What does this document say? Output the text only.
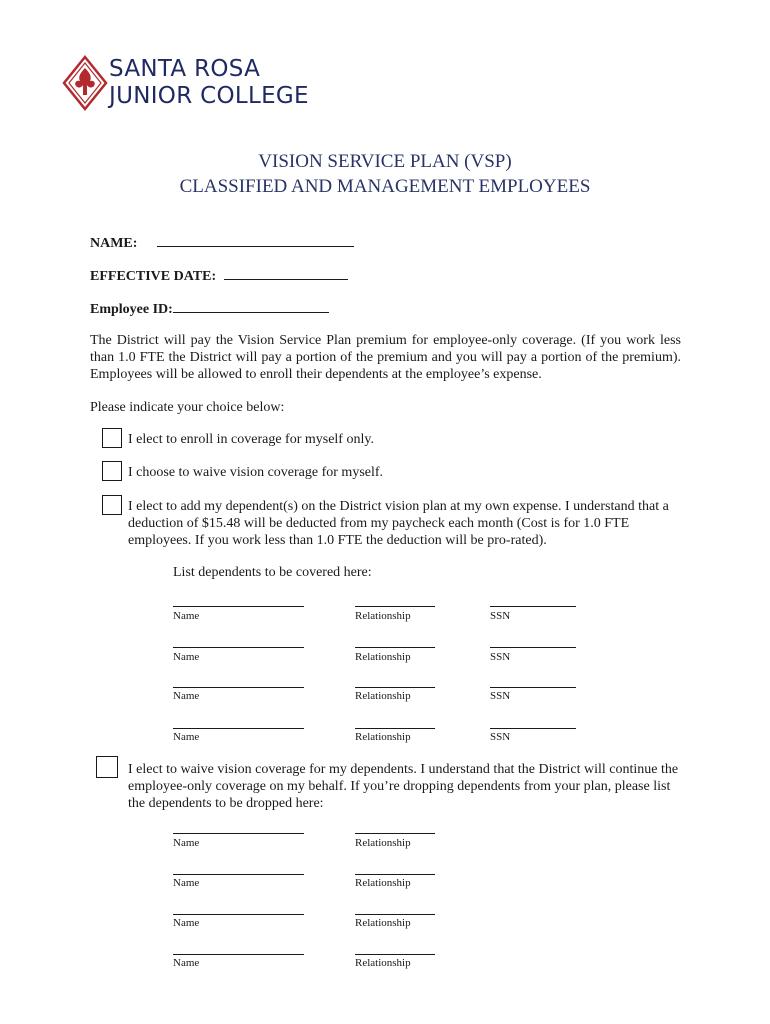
SANTA ROSA
JUNIOR COLLEGE
VISION SERVICE PLAN (VSP)
CLASSIFIED AND MANAGEMENT EMPLOYEES
NAME:
EFFECTIVE DATE:
Employee ID:
The District will pay the Vision Service Plan premium for employee-only coverage. (If you work less than 1.0 FTE the District will pay a portion of the premium and you will pay a portion of the premium). Employees will be allowed to enroll their dependents at the employee’s expense.
Please indicate your choice below:
I elect to enroll in coverage for myself only.
I choose to waive vision coverage for myself.
I elect to add my dependent(s) on the District vision plan at my own expense. I understand that a deduction of $15.48 will be deducted from my paycheck each month (Cost is for 1.0 FTE employees. If you work less than 1.0 FTE the deduction will be pro-rated).
List dependents to be covered here:
Name	Relationship	SSN
Name	Relationship	SSN
Name	Relationship	SSN
Name	Relationship	SSN
I elect to waive vision coverage for my dependents. I understand that the District will continue the employee-only coverage on my behalf. If you’re dropping dependents from your plan, please list the dependents to be dropped here:
Name	Relationship
Name	Relationship
Name	Relationship
Name	Relationship
